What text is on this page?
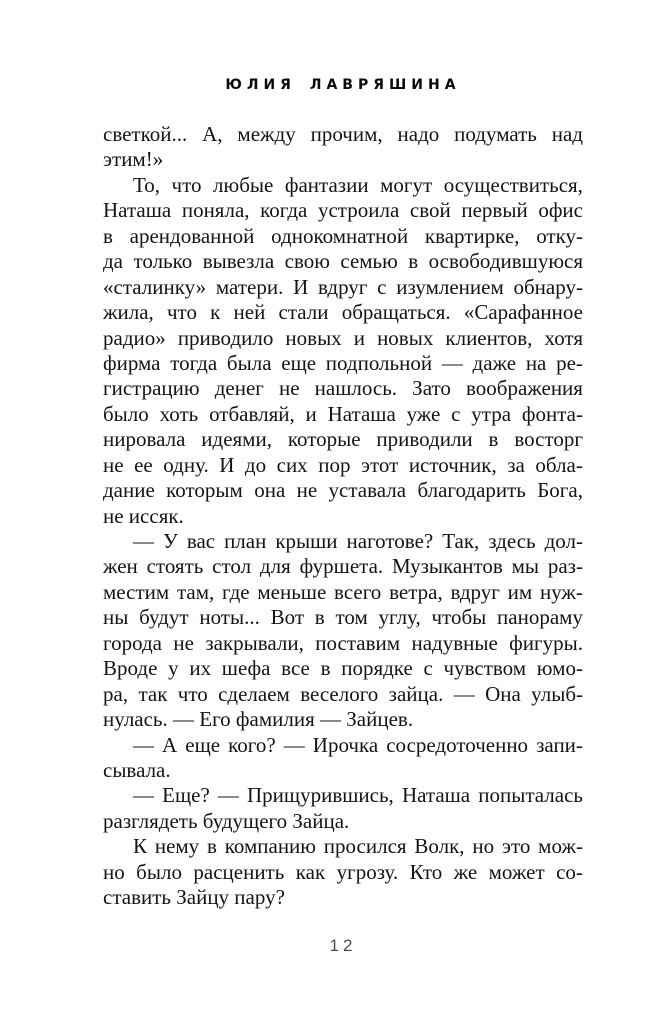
ЮЛИЯ ЛАВРЯШИНА
светкой... А, между прочим, надо подумать над
этим!»
То, что любые фантазии могут осуществиться,
Наташа поняла, когда устроила свой первый офис
в арендованной однокомнатной квартирке, отку-
да только вывезла свою семью в освободившуюся
«сталинку» матери. И вдруг с изумлением обнару-
жила, что к ней стали обращаться. «Сарафанное
радио» приводило новых и новых клиентов, хотя
фирма тогда была еще подпольной — даже на ре-
гистрацию денег не нашлось. Зато воображения
было хоть отбавляй, и Наташа уже с утра фонта-
нировала идеями, которые приводили в восторг
не ее одну. И до сих пор этот источник, за обла-
дание которым она не уставала благодарить Бога,
не иссяк.
— У вас план крыши наготове? Так, здесь дол-
жен стоять стол для фуршета. Музыкантов мы раз-
местим там, где меньше всего ветра, вдруг им нуж-
ны будут ноты... Вот в том углу, чтобы панораму
города не закрывали, поставим надувные фигуры.
Вроде у их шефа все в порядке с чувством юмо-
ра, так что сделаем веселого зайца. — Она улыб-
нулась. — Его фамилия — Зайцев.
— А еще кого? — Ирочка сосредоточенно запи-
сывала.
— Еще? — Прищурившись, Наташа попыталась
разглядеть будущего Зайца.
К нему в компанию просился Волк, но это мож-
но было расценить как угрозу. Кто же может со-
ставить Зайцу пару?
12
